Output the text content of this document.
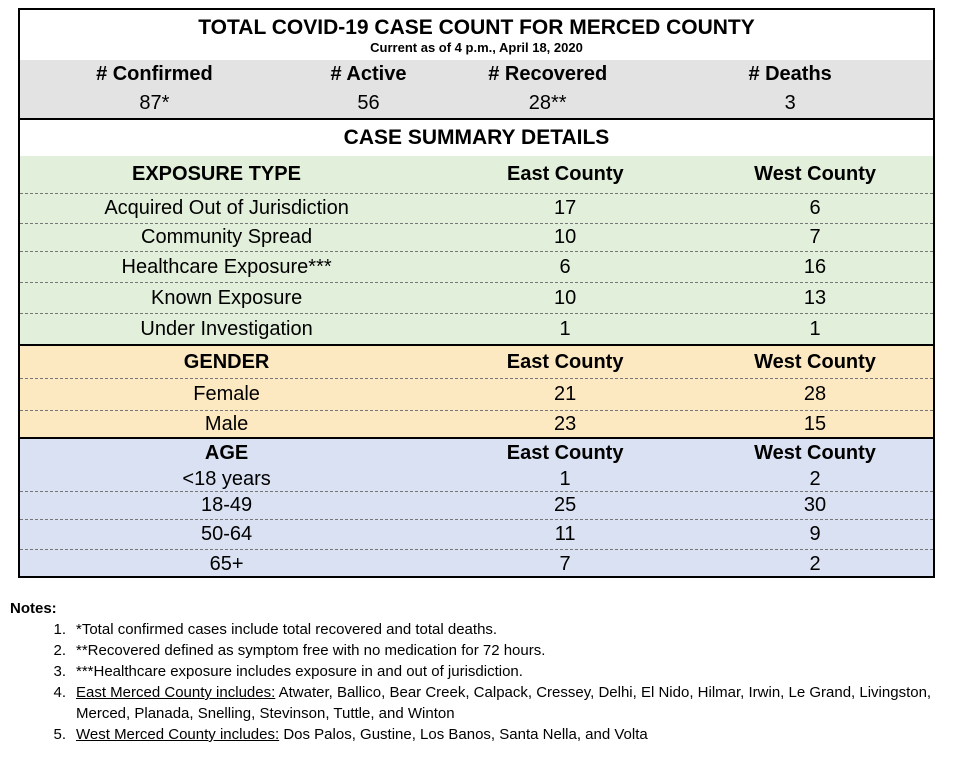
TOTAL COVID-19 CASE COUNT FOR MERCED COUNTY
Current as of 4 p.m., April 18, 2020
# Confirmed	# Active	# Recovered	# Deaths
87*	56	28**	3
CASE SUMMARY DETAILS
EXPOSURE TYPE	East County	West County
Acquired Out of Jurisdiction	17	6
Community Spread	10	7
Healthcare Exposure***	6	16
Known Exposure	10	13
Under Investigation	1	1
GENDER	East County	West County
Female	21	28
Male	23	15
AGE	East County	West County
<18 years	1	2
18-49	25	30
50-64	11	9
65+	7	2
Notes:
1. *Total confirmed cases include total recovered and total deaths.
2. **Recovered defined as symptom free with no medication for 72 hours.
3. ***Healthcare exposure includes exposure in and out of jurisdiction.
4. East Merced County includes: Atwater, Ballico, Bear Creek, Calpack, Cressey, Delhi, El Nido, Hilmar, Irwin, Le Grand, Livingston, Merced, Planada, Snelling, Stevinson, Tuttle, and Winton
5. West Merced County includes: Dos Palos, Gustine, Los Banos, Santa Nella, and Volta
